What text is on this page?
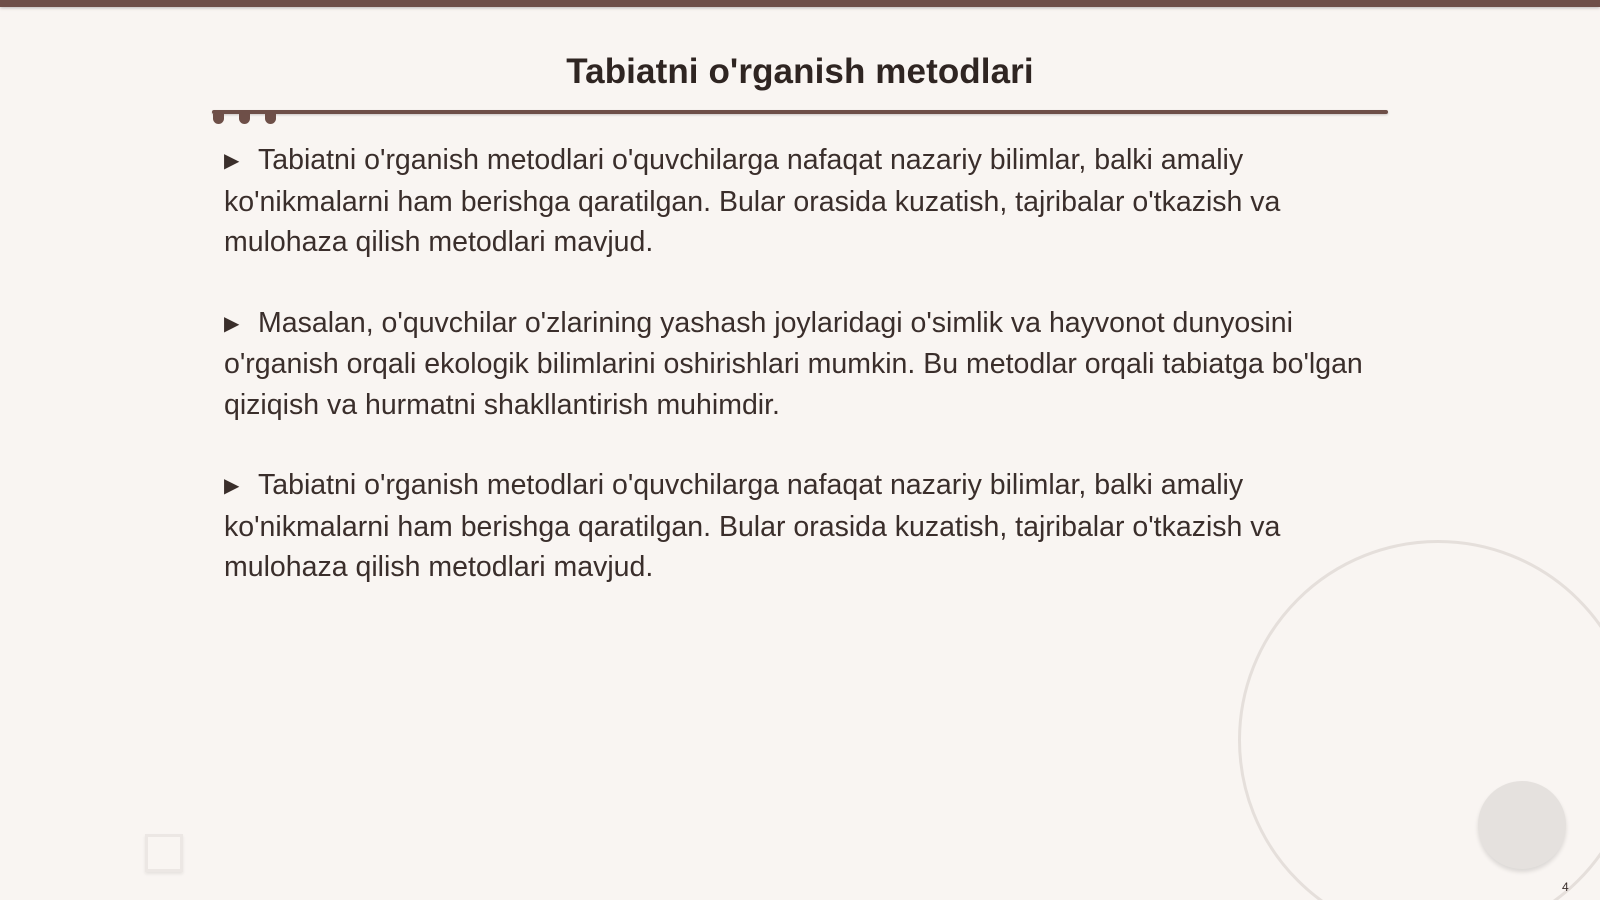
Tabiatni o'rganish metodlari
▶ Tabiatni o'rganish metodlari o'quvchilarga nafaqat nazariy bilimlar, balki amaliy ko'nikmalarni ham berishga qaratilgan. Bular orasida kuzatish, tajribalar o'tkazish va mulohaza qilish metodlari mavjud.
▶ Masalan, o'quvchilar o'zlarining yashash joylaridagi o'simlik va hayvonot dunyosini o'rganish orqali ekologik bilimlarini oshirishlari mumkin. Bu metodlar orqali tabiatga bo'lgan qiziqish va hurmatni shakllantirish muhimdir.
▶ Tabiatni o'rganish metodlari o'quvchilarga nafaqat nazariy bilimlar, balki amaliy ko'nikmalarni ham berishga qaratilgan. Bular orasida kuzatish, tajribalar o'tkazish va mulohaza qilish metodlari mavjud.
4
